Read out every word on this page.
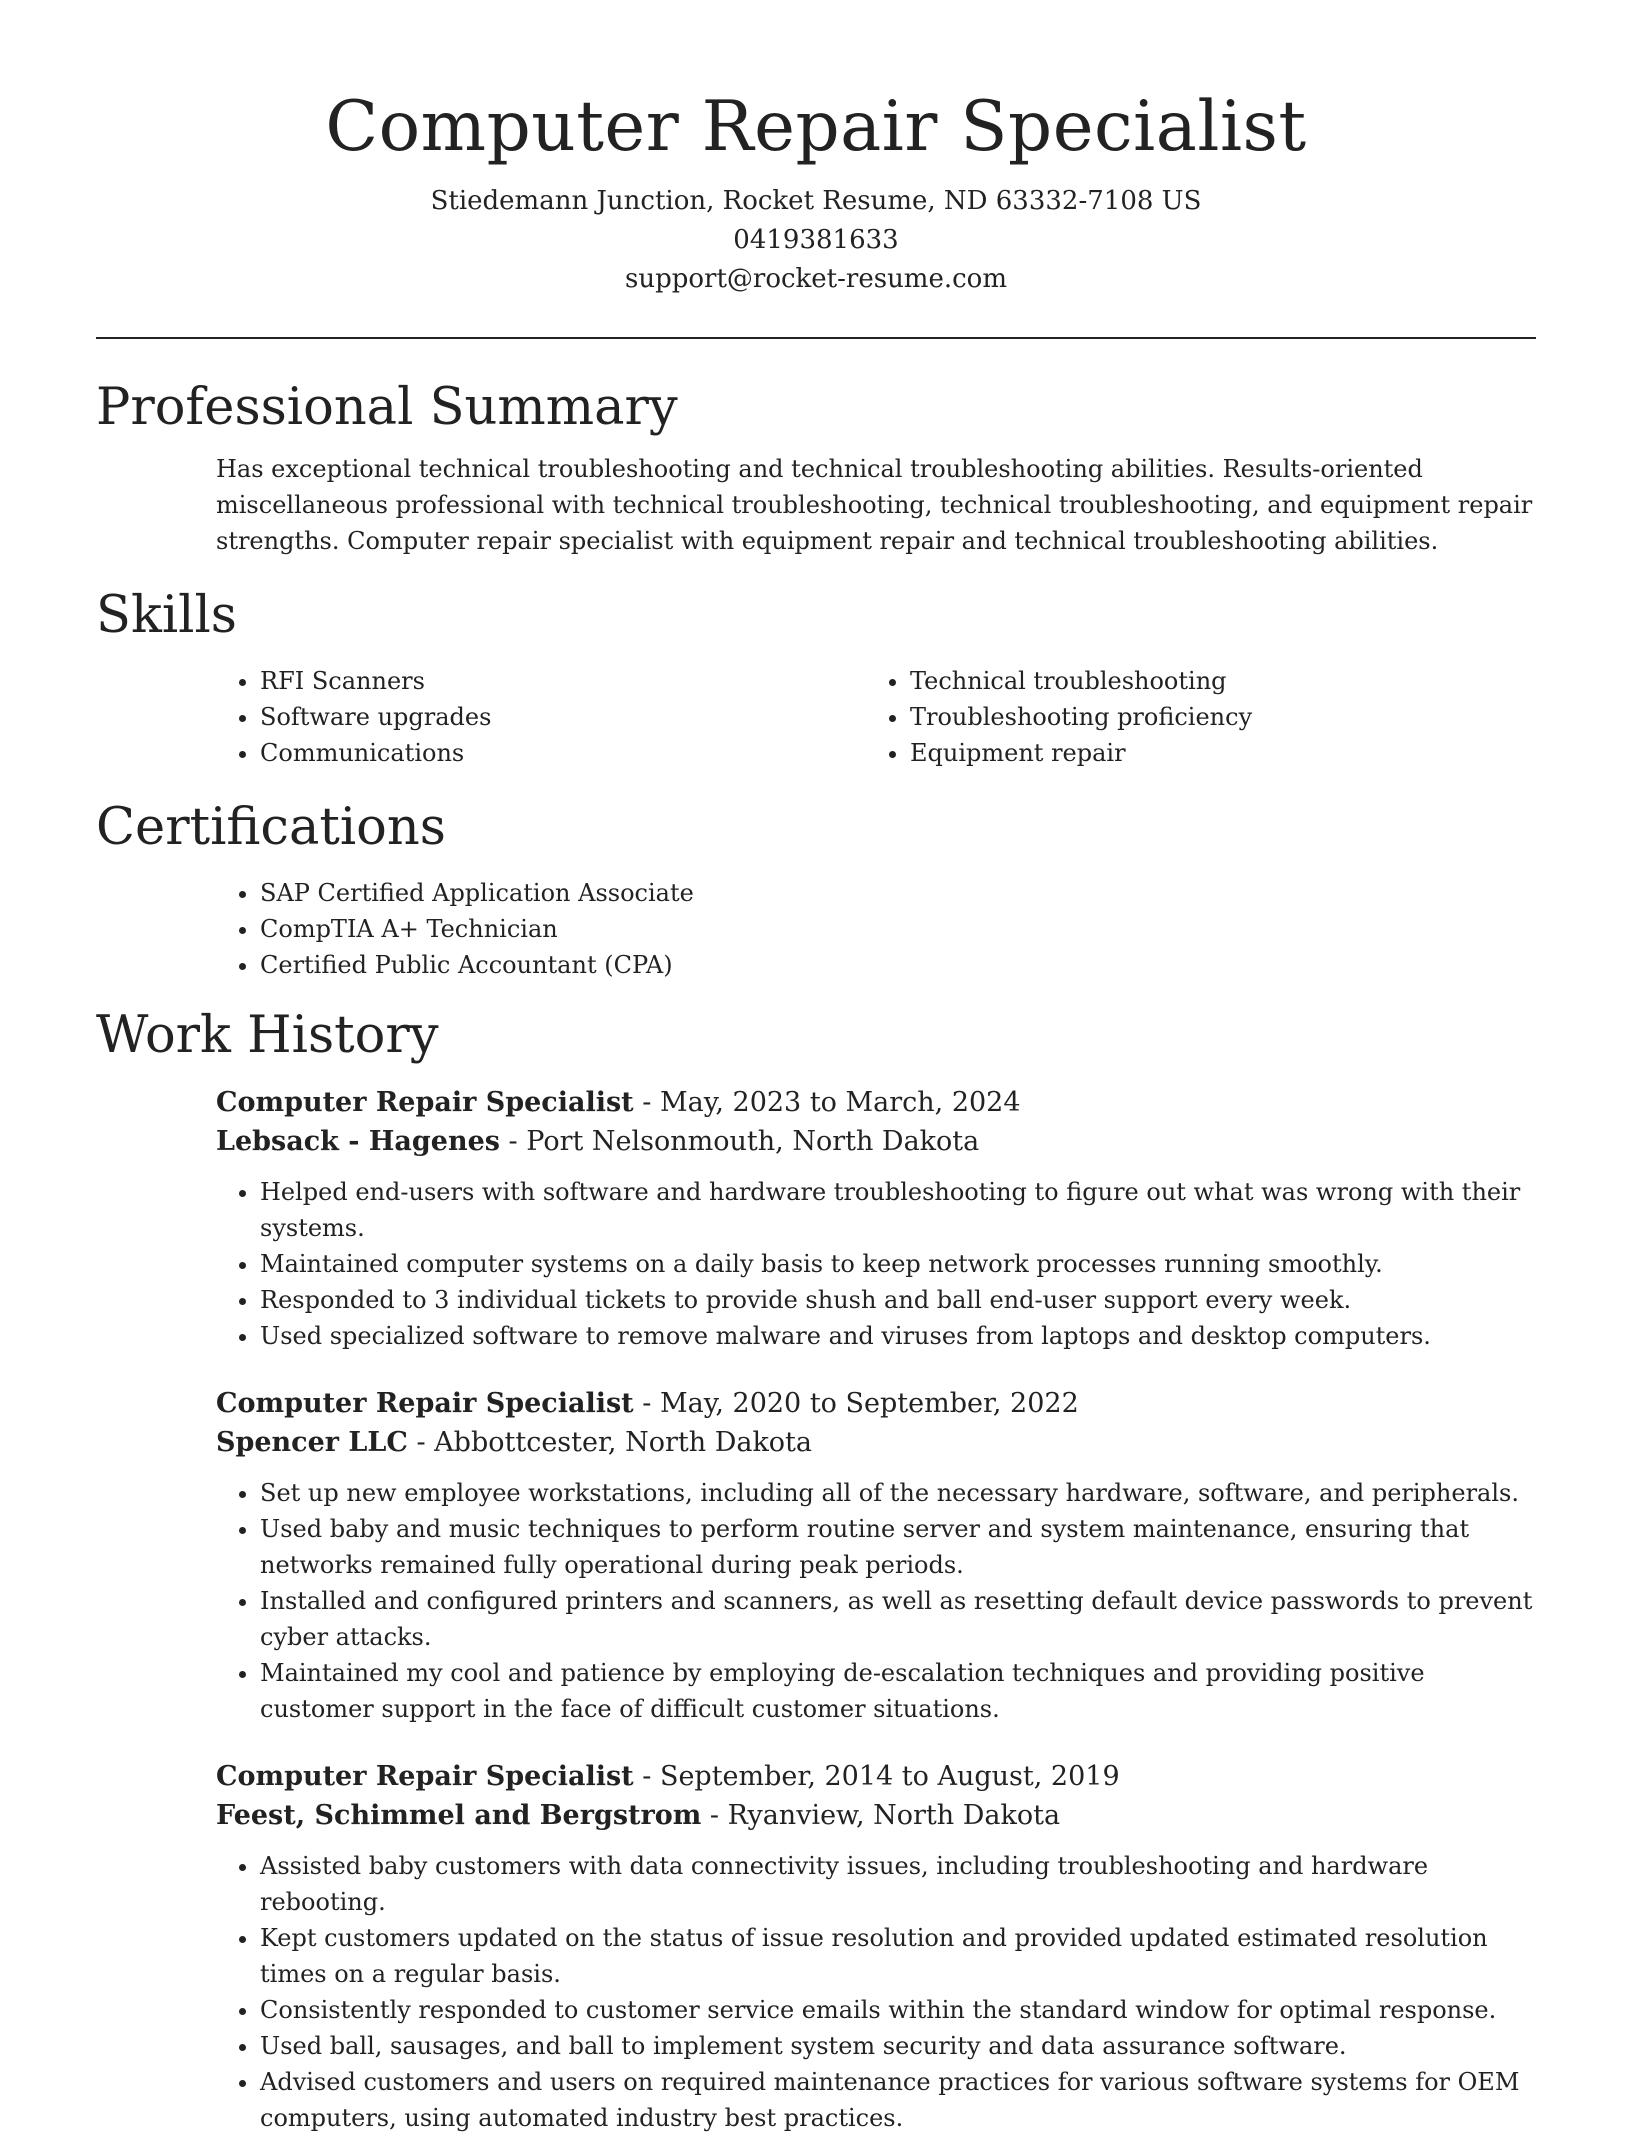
Computer Repair Specialist
Stiedemann Junction, Rocket Resume, ND 63332-7108 US
0419381633
support@rocket-resume.com
Professional Summary
Has exceptional technical troubleshooting and technical troubleshooting abilities. Results-oriented miscellaneous professional with technical troubleshooting, technical troubleshooting, and equipment repair strengths. Computer repair specialist with equipment repair and technical troubleshooting abilities.
Skills
• RFI Scanners
• Software upgrades
• Communications
• Technical troubleshooting
• Troubleshooting proficiency
• Equipment repair
Certifications
• SAP Certified Application Associate
• CompTIA A+ Technician
• Certified Public Accountant (CPA)
Work History
Computer Repair Specialist - May, 2023 to March, 2024
Lebsack - Hagenes - Port Nelsonmouth, North Dakota
• Helped end-users with software and hardware troubleshooting to figure out what was wrong with their systems.
• Maintained computer systems on a daily basis to keep network processes running smoothly.
• Responded to 3 individual tickets to provide shush and ball end-user support every week.
• Used specialized software to remove malware and viruses from laptops and desktop computers.
Computer Repair Specialist - May, 2020 to September, 2022
Spencer LLC - Abbottcester, North Dakota
• Set up new employee workstations, including all of the necessary hardware, software, and peripherals.
• Used baby and music techniques to perform routine server and system maintenance, ensuring that networks remained fully operational during peak periods.
• Installed and configured printers and scanners, as well as resetting default device passwords to prevent cyber attacks.
• Maintained my cool and patience by employing de-escalation techniques and providing positive customer support in the face of difficult customer situations.
Computer Repair Specialist - September, 2014 to August, 2019
Feest, Schimmel and Bergstrom - Ryanview, North Dakota
• Assisted baby customers with data connectivity issues, including troubleshooting and hardware rebooting.
• Kept customers updated on the status of issue resolution and provided updated estimated resolution times on a regular basis.
• Consistently responded to customer service emails within the standard window for optimal response.
• Used ball, sausages, and ball to implement system security and data assurance software.
• Advised customers and users on required maintenance practices for various software systems for OEM computers, using automated industry best practices.
